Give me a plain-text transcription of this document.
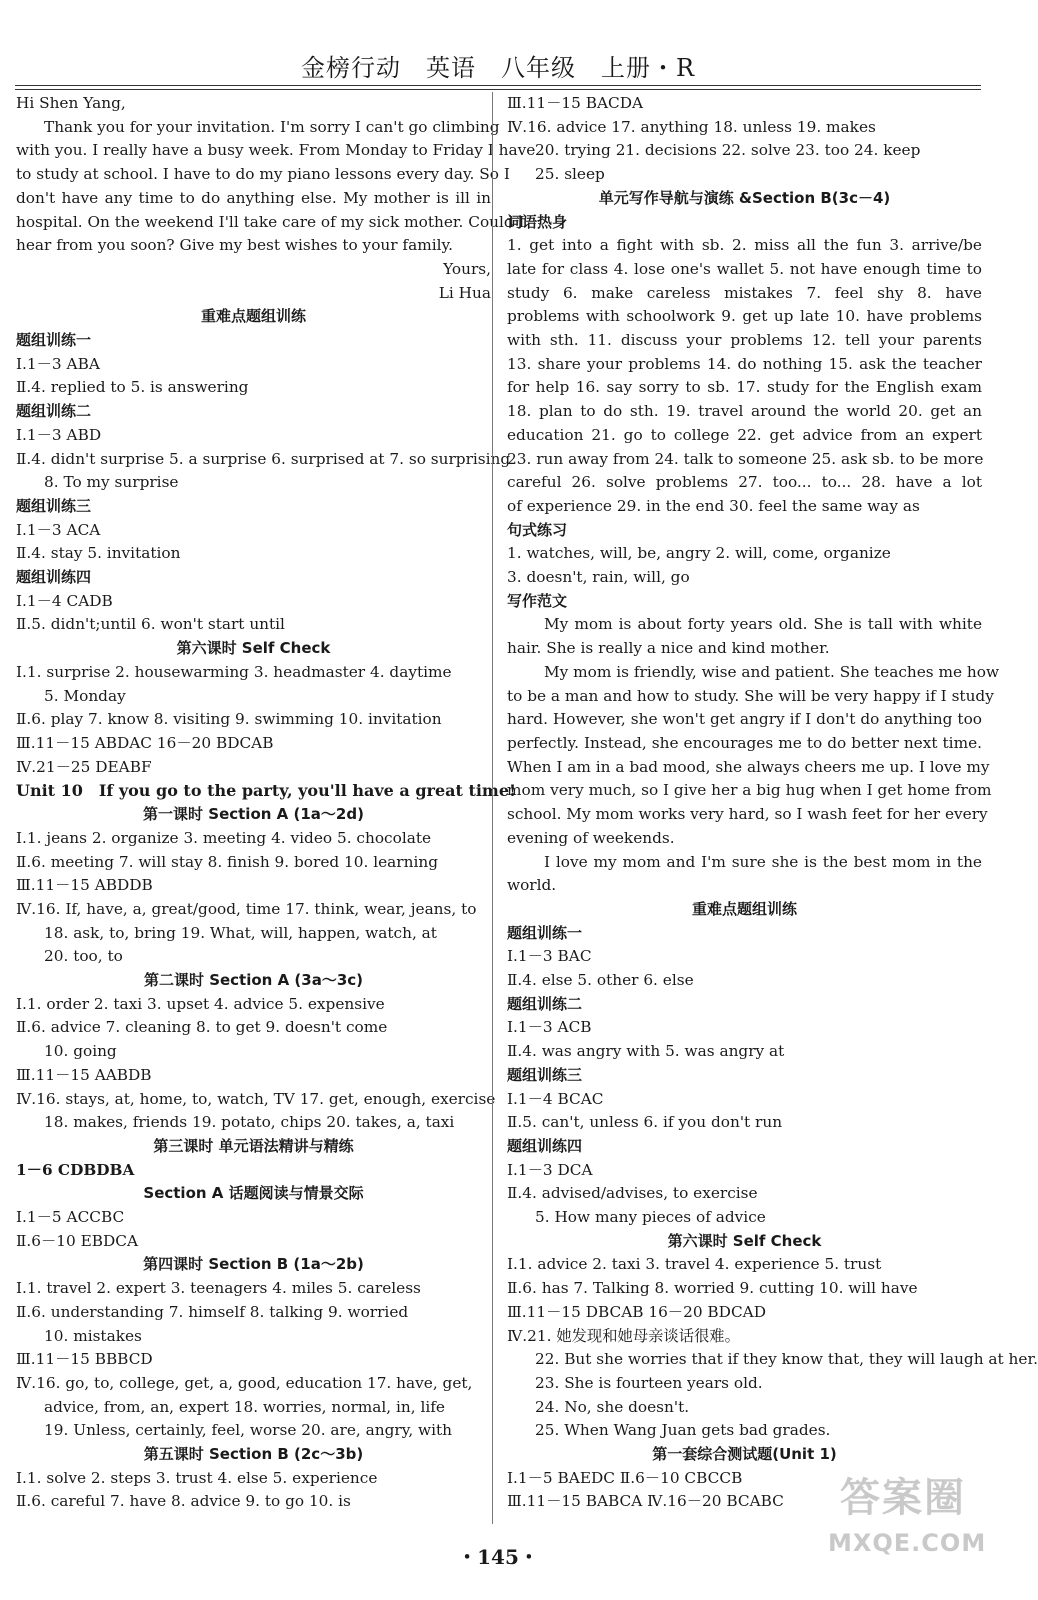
金榜行动　英语　八年级　上册・R
Hi Shen Yang,
Thank you for your invitation. I'm sorry I can't go climbing
with you. I really have a busy week. From Monday to Friday I have
to study at school. I have to do my piano lessons every day. So I
don't have any time to do anything else. My mother is ill in
hospital. On the weekend I'll take care of my sick mother. Could I
hear from you soon? Give my best wishes to your family.
Yours,
Li Hua
重难点题组训练
题组训练一
Ⅰ.1－3 ABA
Ⅱ.4. replied to 5. is answering
题组训练二
Ⅰ.1－3 ABD
Ⅱ.4. didn't surprise 5. a surprise 6. surprised at 7. so surprising
8. To my surprise
题组训练三
Ⅰ.1－3 ACA
Ⅱ.4. stay 5. invitation
题组训练四
Ⅰ.1－4 CADB
Ⅱ.5. didn't;until 6. won't start until
第六课时 Self Check
Ⅰ.1. surprise 2. housewarming 3. headmaster 4. daytime
5. Monday
Ⅱ.6. play 7. know 8. visiting 9. swimming 10. invitation
Ⅲ.11－15 ABDAC 16－20 BDCAB
Ⅳ.21－25 DEABF
Unit 10　If you go to the party, you'll have a great time!
第一课时 Section A (1a～2d)
Ⅰ.1. jeans 2. organize 3. meeting 4. video 5. chocolate
Ⅱ.6. meeting 7. will stay 8. finish 9. bored 10. learning
Ⅲ.11－15 ABDDB
Ⅳ.16. If, have, a, great/good, time 17. think, wear, jeans, to
18. ask, to, bring 19. What, will, happen, watch, at
20. too, to
第二课时 Section A (3a～3c)
Ⅰ.1. order 2. taxi 3. upset 4. advice 5. expensive
Ⅱ.6. advice 7. cleaning 8. to get 9. doesn't come
10. going
Ⅲ.11－15 AABDB
Ⅳ.16. stays, at, home, to, watch, TV 17. get, enough, exercise
18. makes, friends 19. potato, chips 20. takes, a, taxi
第三课时 单元语法精讲与精练
1－6 CDBDBA
Section A 话题阅读与情景交际
Ⅰ.1－5 ACCBC
Ⅱ.6－10 EBDCA
第四课时 Section B (1a～2b)
Ⅰ.1. travel 2. expert 3. teenagers 4. miles 5. careless
Ⅱ.6. understanding 7. himself 8. talking 9. worried
10. mistakes
Ⅲ.11－15 BBBCD
Ⅳ.16. go, to, college, get, a, good, education 17. have, get,
advice, from, an, expert 18. worries, normal, in, life
19. Unless, certainly, feel, worse 20. are, angry, with
第五课时 Section B (2c～3b)
Ⅰ.1. solve 2. steps 3. trust 4. else 5. experience
Ⅱ.6. careful 7. have 8. advice 9. to go 10. is
Ⅲ.11－15 BACDA
Ⅳ.16. advice 17. anything 18. unless 19. makes
20. trying 21. decisions 22. solve 23. too 24. keep
25. sleep
单元写作导航与演练 &Section B(3c－4)
词语热身
1. get into a fight with sb. 2. miss all the fun 3. arrive/be
late for class 4. lose one's wallet 5. not have enough time to
study 6. make careless mistakes 7. feel shy 8. have
problems with schoolwork 9. get up late 10. have problems
with sth. 11. discuss your problems 12. tell your parents
13. share your problems 14. do nothing 15. ask the teacher
for help 16. say sorry to sb. 17. study for the English exam
18. plan to do sth. 19. travel around the world 20. get an
education 21. go to college 22. get advice from an expert
23. run away from 24. talk to someone 25. ask sb. to be more
careful 26. solve problems 27. too... to... 28. have a lot
of experience 29. in the end 30. feel the same way as
句式练习
1. watches, will, be, angry 2. will, come, organize
3. doesn't, rain, will, go
写作范文
My mom is about forty years old. She is tall with white
hair. She is really a nice and kind mother.
My mom is friendly, wise and patient. She teaches me how
to be a man and how to study. She will be very happy if I study
hard. However, she won't get angry if I don't do anything too
perfectly. Instead, she encourages me to do better next time.
When I am in a bad mood, she always cheers me up. I love my
mom very much, so I give her a big hug when I get home from
school. My mom works very hard, so I wash feet for her every
evening of weekends.
I love my mom and I'm sure she is the best mom in the
world.
重难点题组训练
题组训练一
Ⅰ.1－3 BAC
Ⅱ.4. else 5. other 6. else
题组训练二
Ⅰ.1－3 ACB
Ⅱ.4. was angry with 5. was angry at
题组训练三
Ⅰ.1－4 BCAC
Ⅱ.5. can't, unless 6. if you don't run
题组训练四
Ⅰ.1－3 DCA
Ⅱ.4. advised/advises, to exercise
5. How many pieces of advice
第六课时 Self Check
Ⅰ.1. advice 2. taxi 3. travel 4. experience 5. trust
Ⅱ.6. has 7. Talking 8. worried 9. cutting 10. will have
Ⅲ.11－15 DBCAB 16－20 BDCAD
Ⅳ.21. 她发现和她母亲谈话很难。
22. But she worries that if they know that, they will laugh at her.
23. She is fourteen years old.
24. No, she doesn't.
25. When Wang Juan gets bad grades.
第一套综合测试题(Unit 1)
Ⅰ.1－5 BAEDC Ⅱ.6－10 CBCCB
Ⅲ.11－15 BABCA Ⅳ.16－20 BCABC
・145・
答案圈
MXQE.COM
